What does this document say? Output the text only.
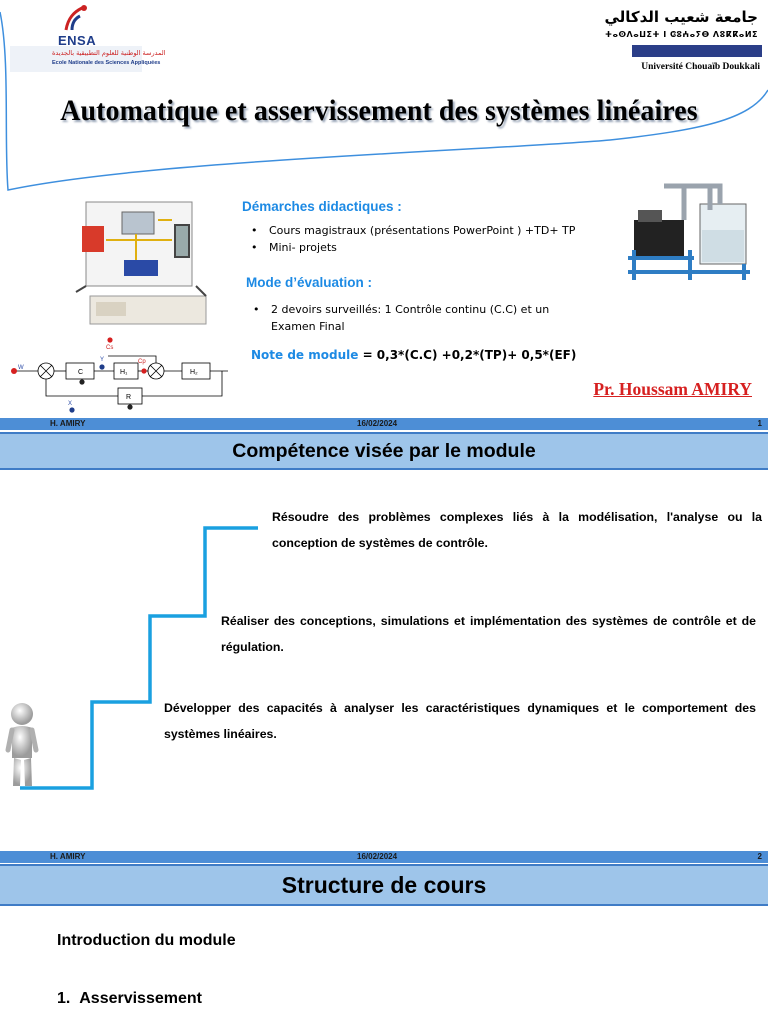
ENSA
المدرسة الوطنية للعلوم التطبيقية بالجديدة
Ecole Nationale des Sciences Appliquées
جامعة شعيب الدكالي
ⵜⴰⵙⴷⴰⵡⵉⵜ ⵏ ⵛⵓⵄⴰⵢⴱ ⴷⵓⴽⴽⴰⵍⵉ
Université Chouaïb Doukkali
Automatique et asservissement des systèmes linéaires
Démarches didactiques :
• Cours magistraux (présentations PowerPoint ) +TD+ TP
• Mini- projets
Mode d’évaluation :
• 2 devoirs surveillés: 1 Contrôle continu (C.C) et un
Examen Final
Note de module = 0,3*(C.C) +0,2*(TP)+ 0,5*(EF)
Pr. Houssam AMIRY
W
C	H₁	H₂
R
Y
X
Cs
Cp
1
H. AMIRY	16/02/2024	1
Compétence visée par le module
Résoudre des problèmes complexes liés à la modélisation, l'analyse ou la conception de systèmes de contrôle.
Réaliser des conceptions, simulations et implémentation des systèmes de contrôle et de régulation.
Développer des capacités à analyser les caractéristiques dynamiques et le comportement des systèmes linéaires.
H. AMIRY	16/02/2024	2
Structure de cours
Introduction du module
1. Asservissement
